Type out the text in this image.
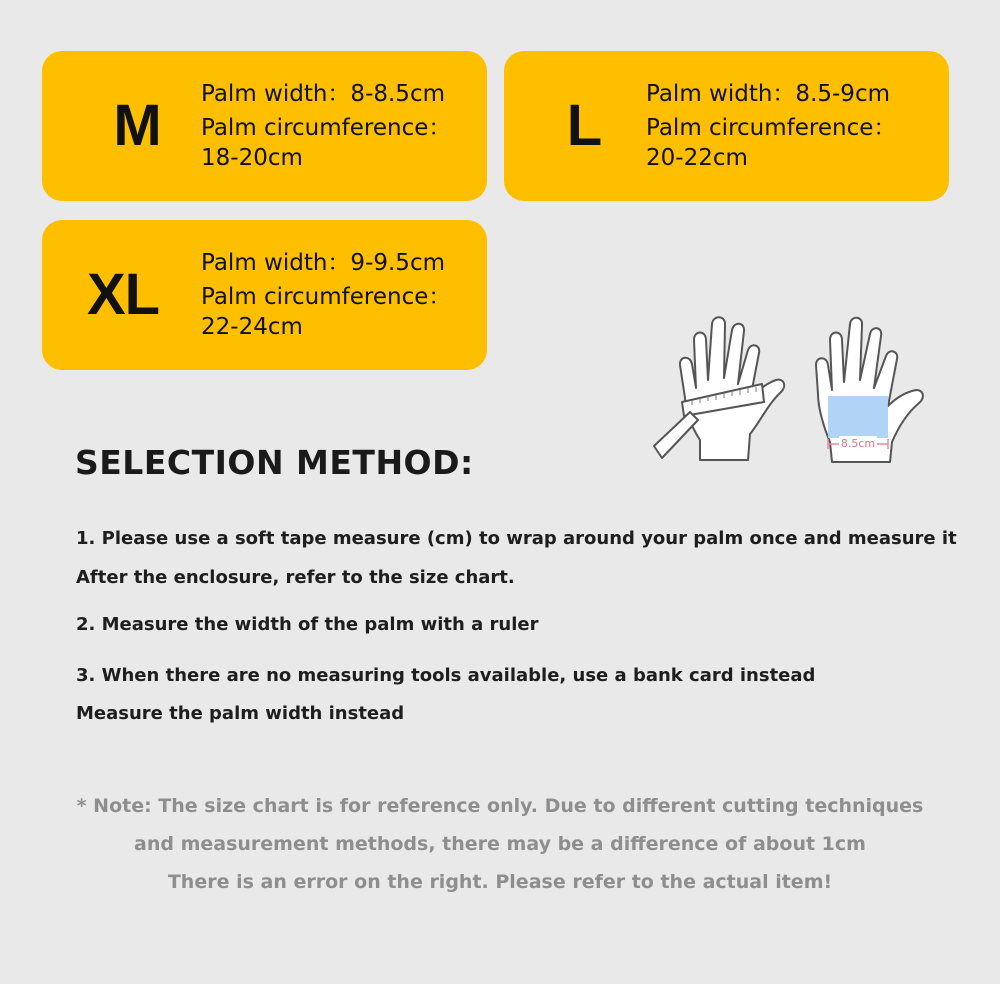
M	Palm width：8-8.5cm
Palm circumference：
18-20cm	L	Palm width：8.5-9cm
Palm circumference：
20-22cm
XL	Palm width：9-9.5cm
Palm circumference：
22-24cm
8.5cm
SELECTION METHOD:
1. Please use a soft tape measure (cm) to wrap around your palm once and measure it
After the enclosure, refer to the size chart.
2. Measure the width of the palm with a ruler
3. When there are no measuring tools available, use a bank card instead
Measure the palm width instead
* Note: The size chart is for reference only. Due to different cutting techniques
and measurement methods, there may be a difference of about 1cm
There is an error on the right. Please refer to the actual item!
